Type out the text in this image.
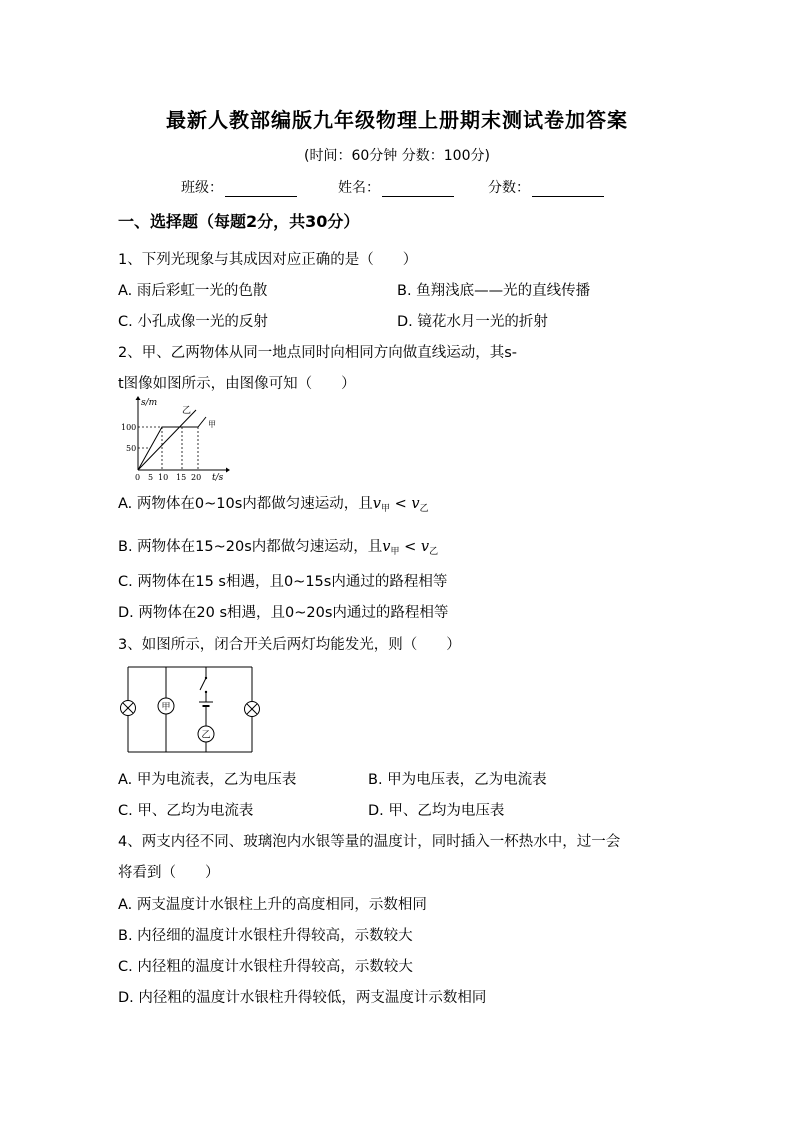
最新人教部编版九年级物理上册期末测试卷加答案
(时间：60分钟 分数：100分)
班级：	姓名：	分数：
一、选择题（每题2分，共30分）
1、下列光现象与其成因对应正确的是（　　）
A. 雨后彩虹一光的色散	B. 鱼翔浅底——光的直线传播
C. 小孔成像一光的反射	D. 镜花水月一光的折射
2、甲、乙两物体从同一地点同时向相同方向做直线运动，其s-
t图像如图所示，由图像可知（　　）
s/m
t/s
100
50
0 5 10 15 20
乙
甲
A. 两物体在0~10s内都做匀速运动，且$v_甲 < v_乙$
B. 两物体在15~20s内都做匀速运动，且$v_甲 < v_乙$
C. 两物体在15 s相遇，且0~15s内通过的路程相等
D. 两物体在20 s相遇，且0~20s内通过的路程相等
3、如图所示，闭合开关后两灯均能发光，则（　　）
甲
乙
A. 甲为电流表，乙为电压表	B. 甲为电压表，乙为电流表
C. 甲、乙均为电流表	D. 甲、乙均为电压表
4、两支内径不同、玻璃泡内水银等量的温度计，同时插入一杯热水中，过一会
将看到（　　）
A. 两支温度计水银柱上升的高度相同，示数相同
B. 内径细的温度计水银柱升得较高，示数较大
C. 内径粗的温度计水银柱升得较高，示数较大
D. 内径粗的温度计水银柱升得较低，两支温度计示数相同
